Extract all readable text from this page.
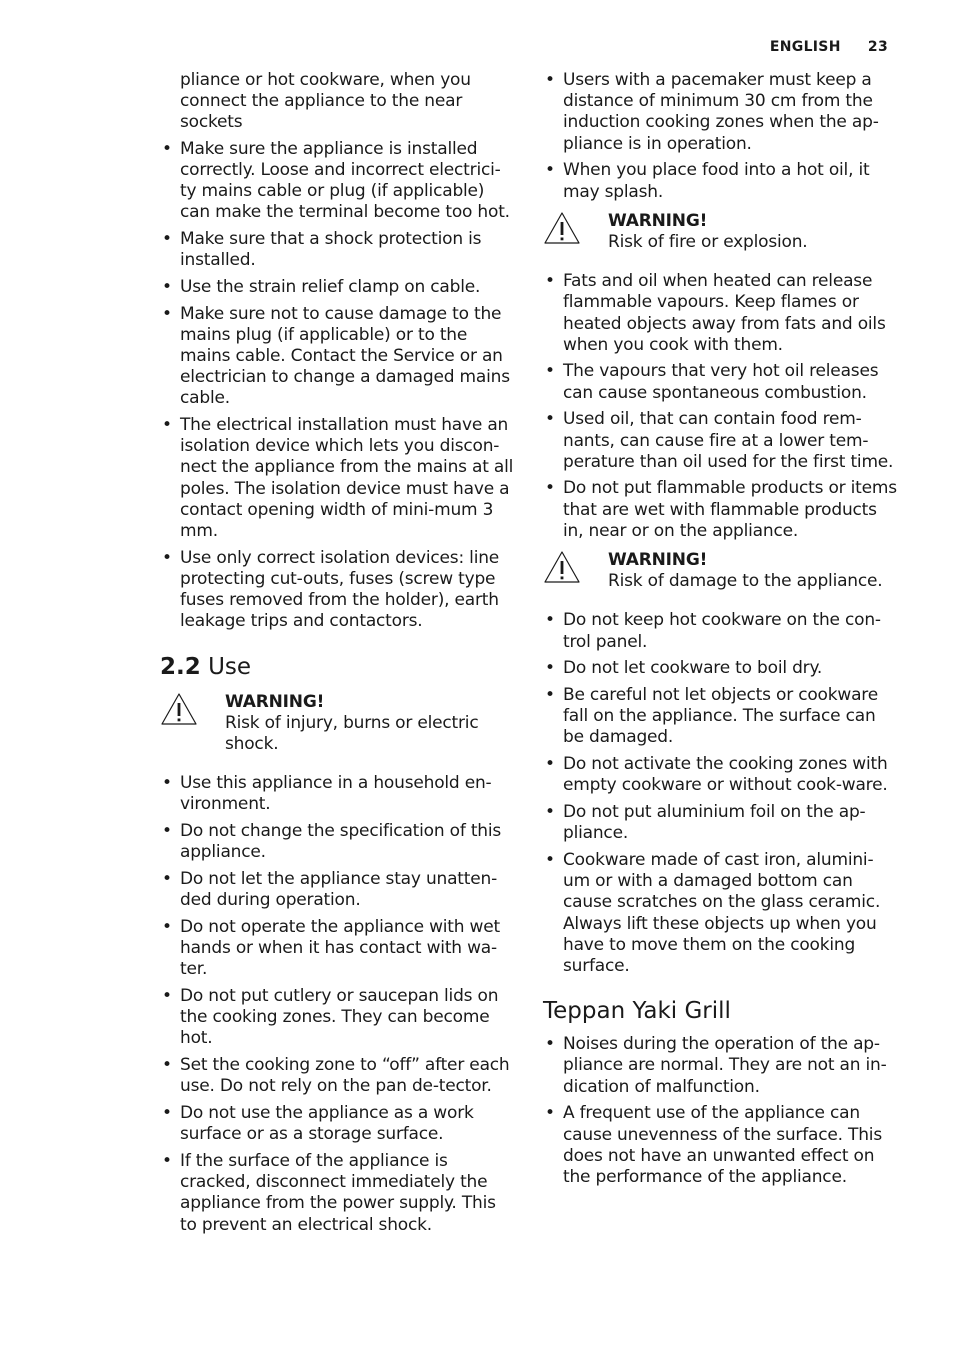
ENGLISH 23

pliance or hot cookware, when you connect the appliance to the near sockets

• Make sure the appliance is installed correctly. Loose and incorrect electrici-ty mains cable or plug (if applicable) can make the terminal become too hot.
• Make sure that a shock protection is installed.
• Use the strain relief clamp on cable.
• Make sure not to cause damage to the mains plug (if applicable) or to the mains cable. Contact the Service or an electrician to change a damaged mains cable.
• The electrical installation must have an isolation device which lets you discon-nect the appliance from the mains at all poles. The isolation device must have a contact opening width of mini-mum 3 mm.
• Use only correct isolation devices: line protecting cut-outs, fuses (screw type fuses removed from the holder), earth leakage trips and contactors.
2.2 Use
WARNING!
Risk of injury, burns or electric shock.
• Use this appliance in a household en-vironment.
• Do not change the specification of this appliance.
• Do not let the appliance stay unatten-ded during operation.
• Do not operate the appliance with wet hands or when it has contact with wa-ter.
• Do not put cutlery or saucepan lids on the cooking zones. They can become hot.
• Set the cooking zone to “off” after each use. Do not rely on the pan de-tector.
• Do not use the appliance as a work surface or as a storage surface.
• If the surface of the appliance is cracked, disconnect immediately the appliance from the power supply. This to prevent an electrical shock.
• Users with a pacemaker must keep a distance of minimum 30 cm from the induction cooking zones when the ap-pliance is in operation.
• When you place food into a hot oil, it may splash.
WARNING!
Risk of fire or explosion.
• Fats and oil when heated can release flammable vapours. Keep flames or heated objects away from fats and oils when you cook with them.
• The vapours that very hot oil releases can cause spontaneous combustion.
• Used oil, that can contain food rem-nants, can cause fire at a lower tem-perature than oil used for the first time.
• Do not put flammable products or items that are wet with flammable products in, near or on the appliance.
WARNING!
Risk of damage to the appliance.
• Do not keep hot cookware on the con-trol panel.
• Do not let cookware to boil dry.
• Be careful not let objects or cookware fall on the appliance. The surface can be damaged.
• Do not activate the cooking zones with empty cookware or without cook-ware.
• Do not put aluminium foil on the ap-pliance.
• Cookware made of cast iron, alumini-um or with a damaged bottom can cause scratches on the glass ceramic. Always lift these objects up when you have to move them on the cooking surface.
Teppan Yaki Grill
• Noises during the operation of the ap-pliance are normal. They are not an in-dication of malfunction.
• A frequent use of the appliance can cause unevenness of the surface. This does not have an unwanted effect on the performance of the appliance.
